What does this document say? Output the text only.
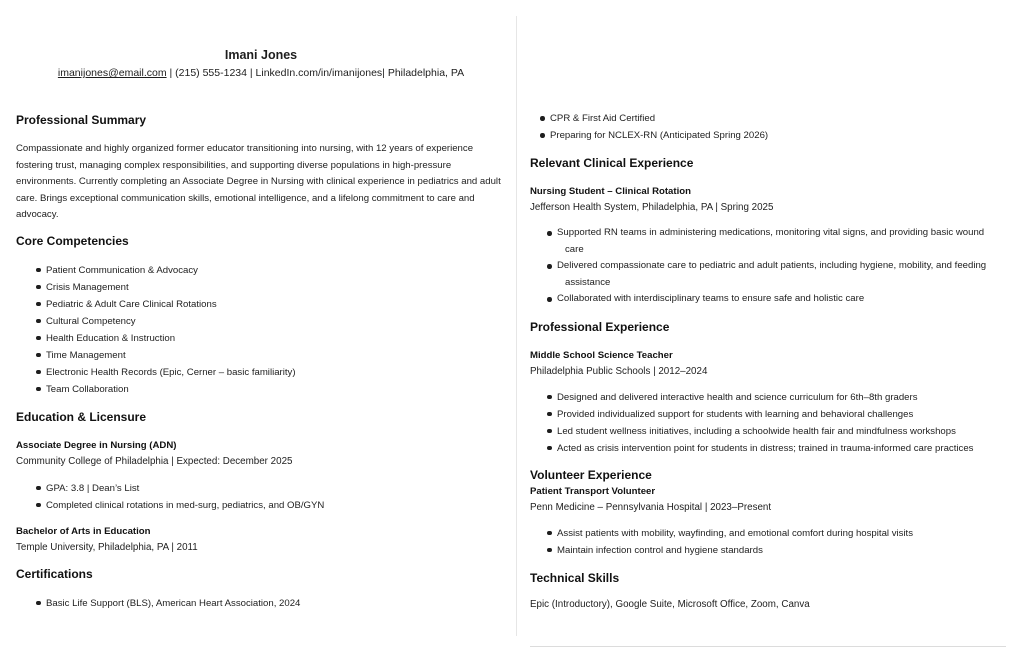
Imani Jones
imanijones@email.com | (215) 555-1234 | LinkedIn.com/in/imanijones| Philadelphia, PA
Professional Summary

Compassionate and highly organized former educator transitioning into nursing, with 12 years of experience fostering trust, managing complex responsibilities, and supporting diverse populations in high-pressure environments. Currently completing an Associate Degree in Nursing with clinical experience in pediatrics and adult care. Brings exceptional communication skills, emotional intelligence, and a lifelong commitment to care and advocacy.

Core Competencies
Patient Communication & Advocacy
Crisis Management
Pediatric & Adult Care Clinical Rotations
Cultural Competency
Health Education & Instruction
Time Management
Electronic Health Records (Epic, Cerner – basic familiarity)
Team Collaboration
Education & Licensure
Associate Degree in Nursing (ADN)
Community College of Philadelphia | Expected: December 2025
GPA: 3.8 | Dean’s List
Completed clinical rotations in med-surg, pediatrics, and OB/GYN
Bachelor of Arts in Education
Temple University, Philadelphia, PA | 2011
Certifications
Basic Life Support (BLS), American Heart Association, 2024
CPR & First Aid Certified
Preparing for NCLEX-RN (Anticipated Spring 2026)
Relevant Clinical Experience
Nursing Student – Clinical Rotation
Jefferson Health System, Philadelphia, PA | Spring 2025
Supported RN teams in administering medications, monitoring vital signs, and providing basic wound
care
Delivered compassionate care to pediatric and adult patients, including hygiene, mobility, and feeding
assistance
Collaborated with interdisciplinary teams to ensure safe and holistic care
Professional Experience
Middle School Science Teacher
Philadelphia Public Schools | 2012–2024
Designed and delivered interactive health and science curriculum for 6th–8th graders
Provided individualized support for students with learning and behavioral challenges
Led student wellness initiatives, including a schoolwide health fair and mindfulness workshops
Acted as crisis intervention point for students in distress; trained in trauma-informed care practices
Volunteer Experience
Patient Transport Volunteer
Penn Medicine – Pennsylvania Hospital | 2023–Present
Assist patients with mobility, wayfinding, and emotional comfort during hospital visits
Maintain infection control and hygiene standards
Technical Skills

Epic (Introductory), Google Suite, Microsoft Office, Zoom, Canva
